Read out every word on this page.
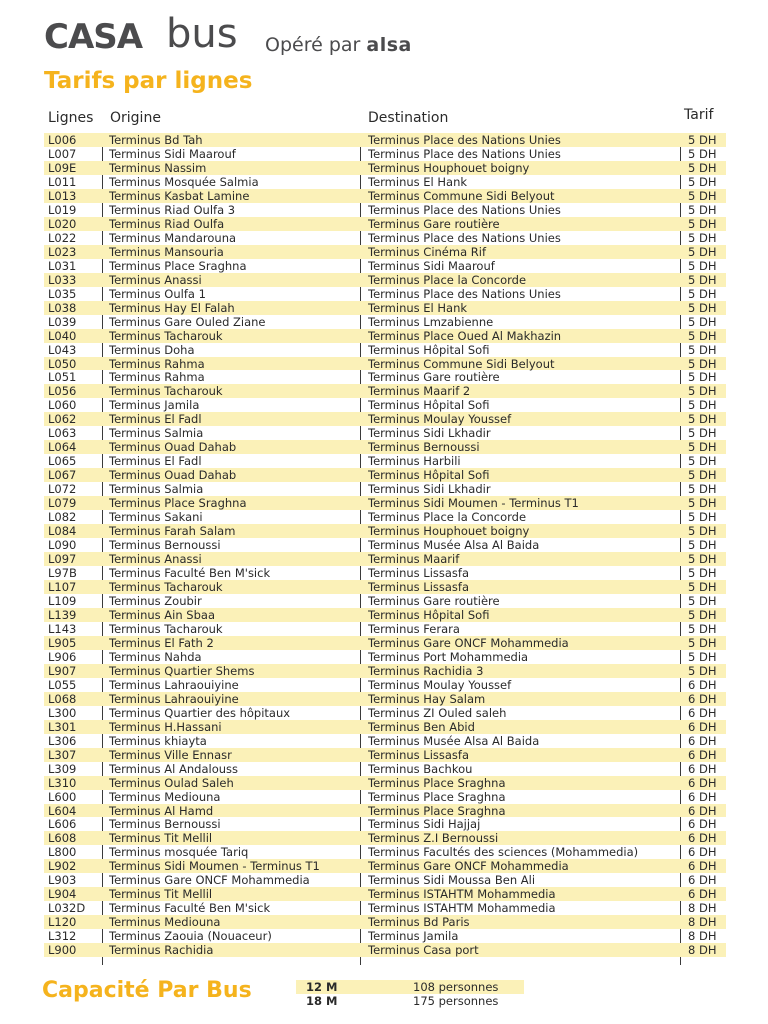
CASA bus Opéré par alsa
Tarifs par lignes
Lignes Origine	Destination	Tarif
L006	Terminus Bd Tah	Terminus Place des Nations Unies	5 DH
L007	Terminus Sidi Maarouf	Terminus Place des Nations Unies	5 DH
L09E	Terminus Nassim	Terminus Houphouet boigny	5 DH
L011	Terminus Mosquée Salmia	Terminus El Hank	5 DH
L013	Terminus Kasbat Lamine	Terminus Commune Sidi Belyout	5 DH
L019	Terminus Riad Oulfa 3	Terminus Place des Nations Unies	5 DH
L020	Terminus Riad Oulfa	Terminus Gare routière	5 DH
L022	Terminus Mandarouna	Terminus Place des Nations Unies	5 DH
L023	Terminus Mansouria	Terminus Cinéma Rif	5 DH
L031	Terminus Place Sraghna	Terminus Sidi Maarouf	5 DH
L033	Terminus Anassi	Terminus Place la Concorde	5 DH
L035	Terminus Oulfa 1	Terminus Place des Nations Unies	5 DH
L038	Terminus Hay El Falah	Terminus El Hank	5 DH
L039	Terminus Gare Ouled Ziane	Terminus Lmzabienne	5 DH
L040	Terminus Tacharouk	Terminus Place Oued Al Makhazin	5 DH
L043	Terminus Doha	Terminus Hôpital Sofi	5 DH
L050	Terminus Rahma	Terminus Commune Sidi Belyout	5 DH
L051	Terminus Rahma	Terminus Gare routière	5 DH
L056	Terminus Tacharouk	Terminus Maarif 2	5 DH
L060	Terminus Jamila	Terminus Hôpital Sofi	5 DH
L062	Terminus El Fadl	Terminus Moulay Youssef	5 DH
L063	Terminus Salmia	Terminus Sidi Lkhadir	5 DH
L064	Terminus Ouad Dahab	Terminus Bernoussi	5 DH
L065	Terminus El Fadl	Terminus Harbili	5 DH
L067	Terminus Ouad Dahab	Terminus Hôpital Sofi	5 DH
L072	Terminus Salmia	Terminus Sidi Lkhadir	5 DH
L079	Terminus Place Sraghna	Terminus Sidi Moumen - Terminus T1	5 DH
L082	Terminus Sakani	Terminus Place la Concorde	5 DH
L084	Terminus Farah Salam	Terminus Houphouet boigny	5 DH
L090	Terminus Bernoussi	Terminus Musée Alsa Al Baida	5 DH
L097	Terminus Anassi	Terminus Maarif	5 DH
L97B	Terminus Faculté Ben M'sick	Terminus Lissasfa	5 DH
L107	Terminus Tacharouk	Terminus Lissasfa	5 DH
L109	Terminus Zoubir	Terminus Gare routière	5 DH
L139	Terminus Ain Sbaa	Terminus Hôpital Sofi	5 DH
L143	Terminus Tacharouk	Terminus Ferara	5 DH
L905	Terminus El Fath 2	Terminus Gare ONCF Mohammedia	5 DH
L906	Terminus Nahda	Terminus Port Mohammedia	5 DH
L907	Terminus Quartier Shems	Terminus Rachidia 3	5 DH
L055	Terminus Lahraouiyine	Terminus Moulay Youssef	6 DH
L068	Terminus Lahraouiyine	Terminus Hay Salam	6 DH
L300	Terminus Quartier des hôpitaux	Terminus ZI Ouled saleh	6 DH
L301	Terminus H.Hassani	Terminus Ben Abid	6 DH
L306	Terminus khiayta	Terminus Musée Alsa Al Baida	6 DH
L307	Terminus Ville Ennasr	Terminus Lissasfa	6 DH
L309	Terminus Al Andalouss	Terminus Bachkou	6 DH
L310	Terminus Oulad Saleh	Terminus Place Sraghna	6 DH
L600	Terminus Mediouna	Terminus Place Sraghna	6 DH
L604	Terminus Al Hamd	Terminus Place Sraghna	6 DH
L606	Terminus Bernoussi	Terminus Sidi Hajjaj	6 DH
L608	Terminus Tit Mellil	Terminus Z.I Bernoussi	6 DH
L800	Terminus mosquée Tariq	Terminus Facultés des sciences (Mohammedia)	6 DH
L902	Terminus Sidi Moumen - Terminus T1	Terminus Gare ONCF Mohammedia	6 DH
L903	Terminus Gare ONCF Mohammedia	Terminus Sidi Moussa Ben Ali	6 DH
L904	Terminus Tit Mellil	Terminus ISTAHTM Mohammedia	6 DH
L032D	Terminus Faculté Ben M'sick	Terminus ISTAHTM Mohammedia	8 DH
L120	Terminus Mediouna	Terminus Bd Paris	8 DH
L312	Terminus Zaouia (Nouaceur)	Terminus Jamila	8 DH
L900	Terminus Rachidia	Terminus Casa port	8 DH
Capacité Par Bus	12 M	108 personnes
18 M	175 personnes
